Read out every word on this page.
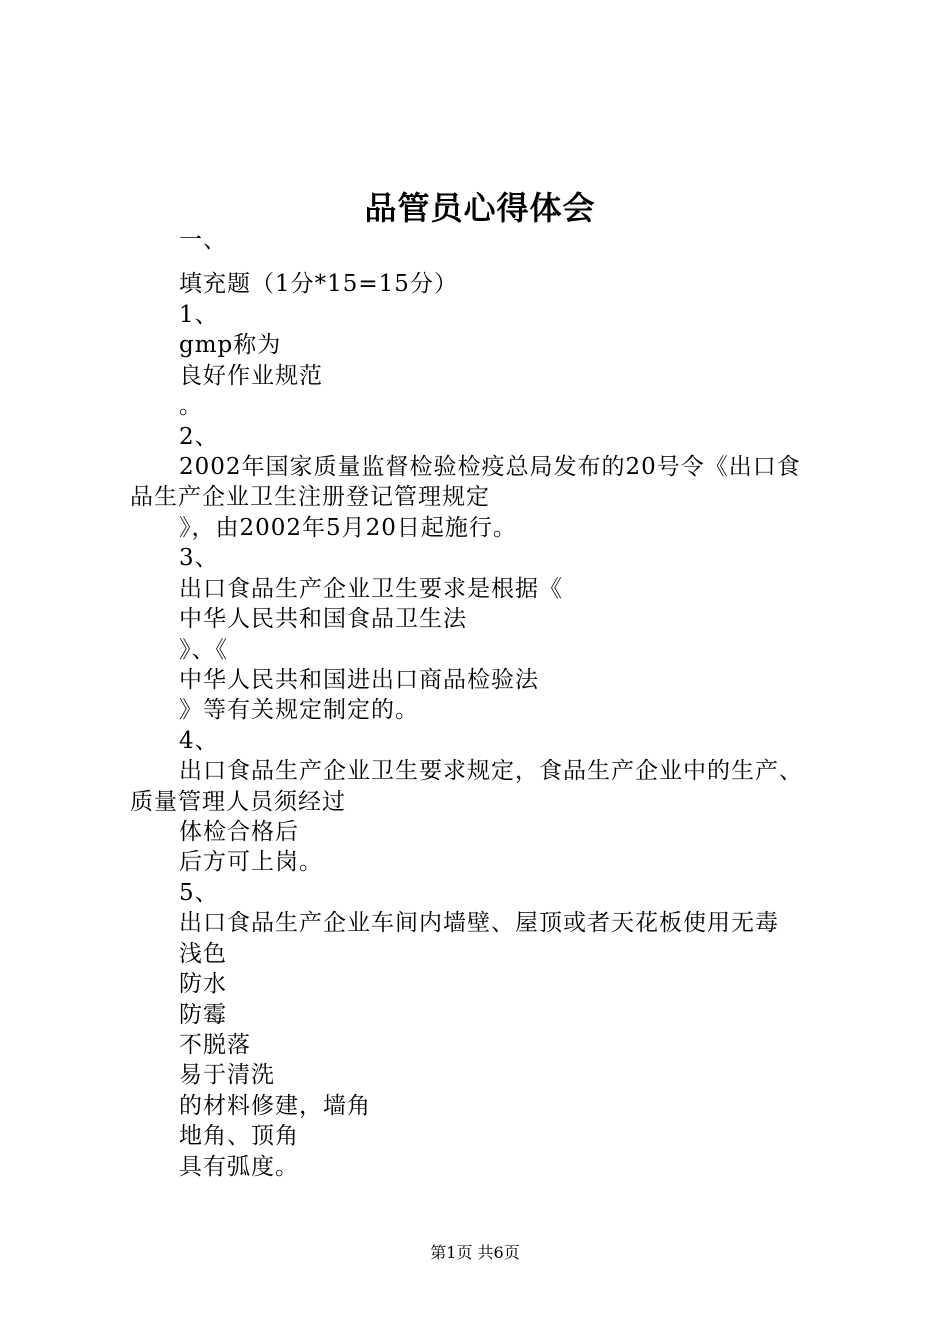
品管员心得体会
一、
填充题（1分*15=15分）
1、
gmp称为
良好作业规范
。
2、
2002年国家质量监督检验检疫总局发布的20号令《出口食
品生产企业卫生注册登记管理规定
》，由2002年5月20日起施行。
3、
出口食品生产企业卫生要求是根据《
中华人民共和国食品卫生法
》、《
中华人民共和国进出口商品检验法
》等有关规定制定的。
4、
出口食品生产企业卫生要求规定，食品生产企业中的生产、
质量管理人员须经过
体检合格后
后方可上岗。
5、
出口食品生产企业车间内墙壁、屋顶或者天花板使用无毒
浅色
防水
防霉
不脱落
易于清洗
的材料修建，墙角
地角、顶角
具有弧度。
第1页 共6页
